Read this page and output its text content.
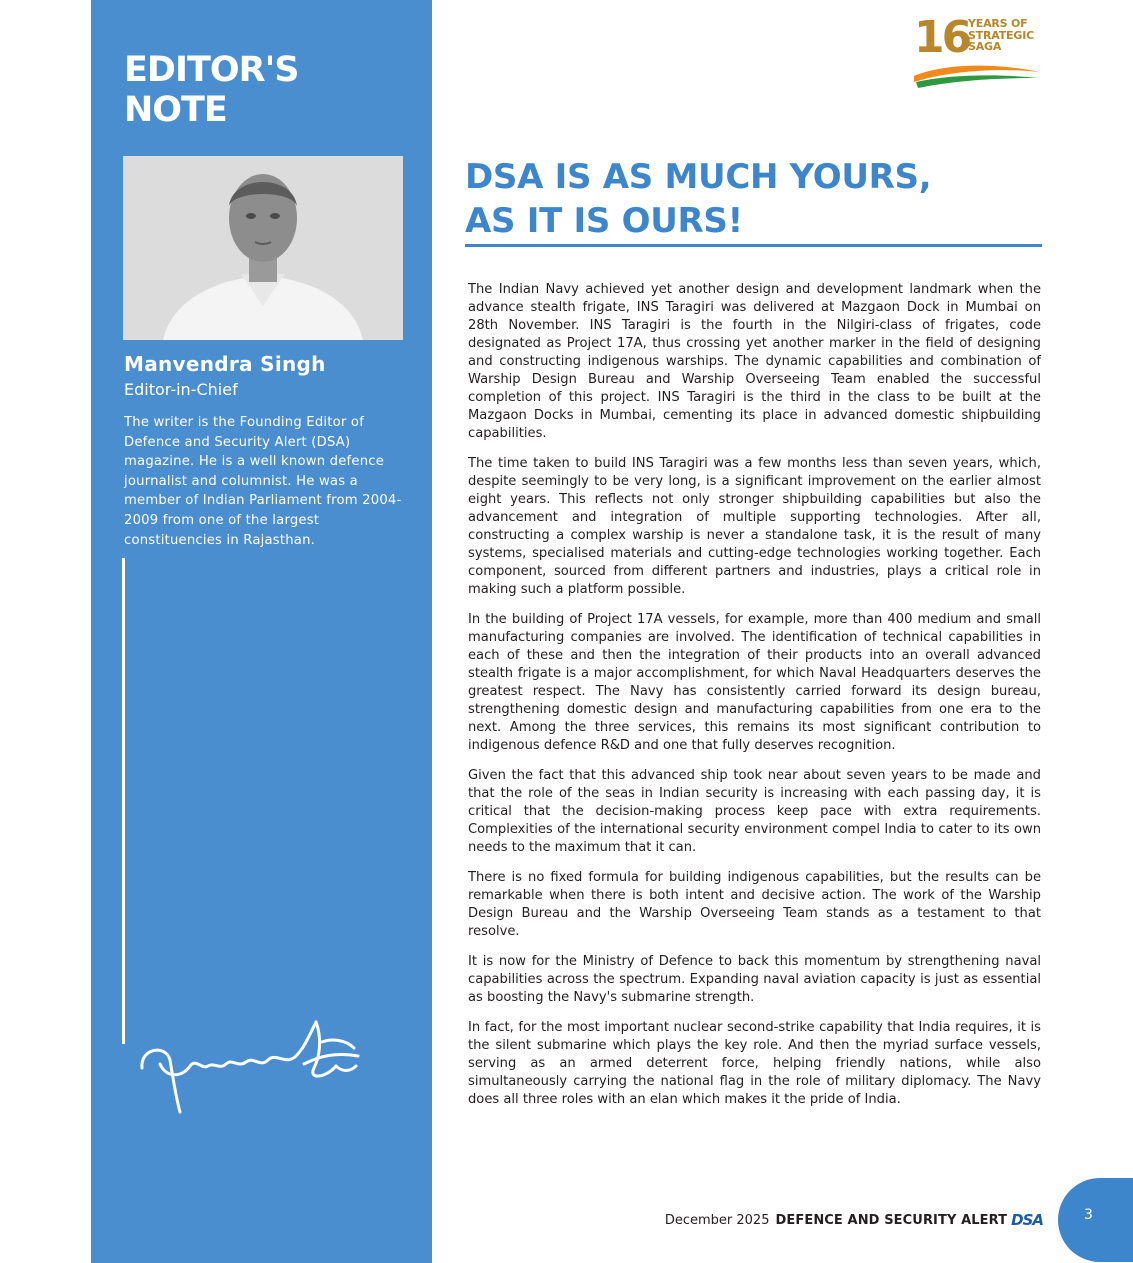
EDITOR'S
NOTE
Manvendra Singh
Editor-in-Chief

The writer is the Founding Editor of Defence and Security Alert (DSA) magazine. He is a well known defence journalist and columnist. He was a member of Indian Parliament from 2004-2009 from one of the largest constituencies in Rajasthan.

16

YEARS OF
STRATEGIC
SAGA

DSA IS AS MUCH YOURS,
AS IT IS OURS!

The Indian Navy achieved yet another design and development landmark when the advance stealth frigate, INS Taragiri was delivered at Mazgaon Dock in Mumbai on 28th November. INS Taragiri is the fourth in the Nilgiri-class of frigates, code designated as Project 17A, thus crossing yet another marker in the field of designing and constructing indigenous warships. The dynamic capabilities and combination of Warship Design Bureau and Warship Overseeing Team enabled the successful completion of this project. INS Taragiri is the third in the class to be built at the Mazgaon Docks in Mumbai, cementing its place in advanced domestic shipbuilding capabilities.

The time taken to build INS Taragiri was a few months less than seven years, which, despite seemingly to be very long, is a significant improvement on the earlier almost eight years. This reflects not only stronger shipbuilding capabilities but also the advancement and integration of multiple supporting technologies. After all, constructing a complex warship is never a standalone task, it is the result of many systems, specialised materials and cutting-edge technologies working together. Each component, sourced from different partners and industries, plays a critical role in making such a platform possible.

In the building of Project 17A vessels, for example, more than 400 medium and small manufacturing companies are involved. The identification of technical capabilities in each of these and then the integration of their products into an overall advanced stealth frigate is a major accomplishment, for which Naval Headquarters deserves the greatest respect. The Navy has consistently carried forward its design bureau, strengthening domestic design and manufacturing capabilities from one era to the next. Among the three services, this remains its most significant contribution to indigenous defence R&D and one that fully deserves recognition.

Given the fact that this advanced ship took near about seven years to be made and that the role of the seas in Indian security is increasing with each passing day, it is critical that the decision-making process keep pace with extra requirements. Complexities of the international security environment compel India to cater to its own needs to the maximum that it can.

There is no fixed formula for building indigenous capabilities, but the results can be remarkable when there is both intent and decisive action. The work of the Warship Design Bureau and the Warship Overseeing Team stands as a testament to that resolve.

It is now for the Ministry of Defence to back this momentum by strengthening naval capabilities across the spectrum. Expanding naval aviation capacity is just as essential as boosting the Navy's submarine strength.

In fact, for the most important nuclear second-strike capability that India requires, it is the silent submarine which plays the key role. And then the myriad surface vessels, serving as an armed deterrent force, helping friendly nations, while also simultaneously carrying the national flag in the role of military diplomacy. The Navy does all three roles with an elan which makes it the pride of India.

December 2025 DEFENCE AND SECURITY ALERT DSA	3
